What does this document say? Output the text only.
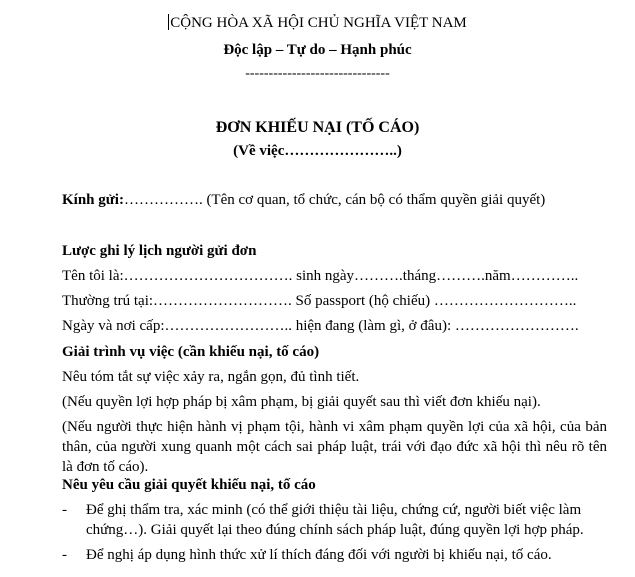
CỘNG HÒA XÃ HỘI CHỦ NGHĨA VIỆT NAM
Độc lập – Tự do – Hạnh phúc
-------------------------------
ĐƠN KHIẾU NẠI (TỐ CÁO)
(Về việc…………………..)
Kính gửi:……………. (Tên cơ quan, tổ chức, cán bộ có thẩm quyền giải quyết)
Lược ghi lý lịch người gửi đơn
Tên tôi là:……………………………. sinh ngày……….tháng……….năm…………..
Thường trú tại:………………………. Số passport (hộ chiếu) ………………………..
Ngày và nơi cấp:…………………….. hiện đang (làm gì, ở đâu): …………………….
Giải trình vụ việc (cần khiếu nại, tố cáo)
Nêu tóm tắt sự việc xảy ra, ngắn gọn, đủ tình tiết.
(Nếu quyền lợi hợp pháp bị xâm phạm, bị giải quyết sau thì viết đơn khiếu nại).
(Nếu người thực hiện hành vị phạm tội, hành vi xâm phạm quyền lợi của xã hội, của bản thân, của người xung quanh một cách sai pháp luật, trái với đạo đức xã hội thì nêu rõ tên là đơn tố cáo).
Nêu yêu cầu giải quyết khiếu nại, tố cáo
- Để ghị thẩm tra, xác minh (có thể giới thiệu tài liệu, chứng cứ, người biết việc làm chứng…). Giải quyết lại theo đúng chính sách pháp luật, đúng quyền lợi hợp pháp.
- Để nghị áp dụng hình thức xử lí thích đáng đối với người bị khiếu nại, tố cáo.
